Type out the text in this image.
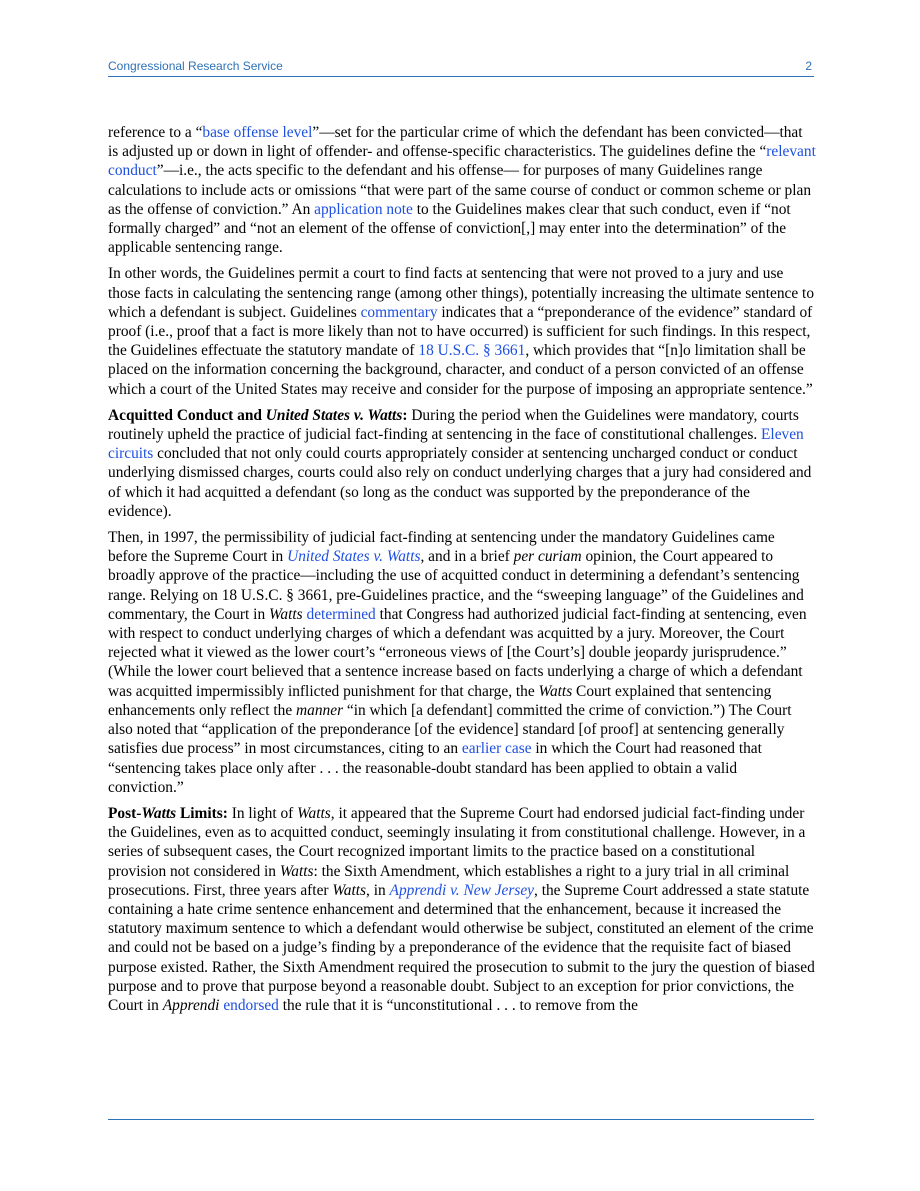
Congressional Research Service	2

reference to a “base offense level”—set for the particular crime of which the defendant has been convicted—that is adjusted up or down in light of offender- and offense-specific characteristics. The guidelines define the “relevant conduct”—i.e., the acts specific to the defendant and his offense— for purposes of many Guidelines range calculations to include acts or omissions “that were part of the same course of conduct or common scheme or plan as the offense of conviction.” An application note to the Guidelines makes clear that such conduct, even if “not formally charged” and “not an element of the offense of conviction[,] may enter into the determination” of the applicable sentencing range.

In other words, the Guidelines permit a court to find facts at sentencing that were not proved to a jury and use those facts in calculating the sentencing range (among other things), potentially increasing the ultimate sentence to which a defendant is subject. Guidelines commentary indicates that a “preponderance of the evidence” standard of proof (i.e., proof that a fact is more likely than not to have occurred) is sufficient for such findings. In this respect, the Guidelines effectuate the statutory mandate of 18 U.S.C. § 3661, which provides that “[n]o limitation shall be placed on the information concerning the background, character, and conduct of a person convicted of an offense which a court of the United States may receive and consider for the purpose of imposing an appropriate sentence.”

Acquitted Conduct and United States v. Watts: During the period when the Guidelines were mandatory, courts routinely upheld the practice of judicial fact-finding at sentencing in the face of constitutional challenges. Eleven circuits concluded that not only could courts appropriately consider at sentencing uncharged conduct or conduct underlying dismissed charges, courts could also rely on conduct underlying charges that a jury had considered and of which it had acquitted a defendant (so long as the conduct was supported by the preponderance of the evidence).

Then, in 1997, the permissibility of judicial fact-finding at sentencing under the mandatory Guidelines came before the Supreme Court in United States v. Watts, and in a brief per curiam opinion, the Court appeared to broadly approve of the practice—including the use of acquitted conduct in determining a defendant’s sentencing range. Relying on 18 U.S.C. § 3661, pre-Guidelines practice, and the “sweeping language” of the Guidelines and commentary, the Court in Watts determined that Congress had authorized judicial fact-finding at sentencing, even with respect to conduct underlying charges of which a defendant was acquitted by a jury. Moreover, the Court rejected what it viewed as the lower court’s “erroneous views of [the Court’s] double jeopardy jurisprudence.” (While the lower court believed that a sentence increase based on facts underlying a charge of which a defendant was acquitted impermissibly inflicted punishment for that charge, the Watts Court explained that sentencing enhancements only reflect the manner “in which [a defendant] committed the crime of conviction.”) The Court also noted that “application of the preponderance [of the evidence] standard [of proof] at sentencing generally satisfies due process” in most circumstances, citing to an earlier case in which the Court had reasoned that “sentencing takes place only after . . . the reasonable-doubt standard has been applied to obtain a valid conviction.”

Post-Watts Limits: In light of Watts, it appeared that the Supreme Court had endorsed judicial fact-finding under the Guidelines, even as to acquitted conduct, seemingly insulating it from constitutional challenge. However, in a series of subsequent cases, the Court recognized important limits to the practice based on a constitutional provision not considered in Watts: the Sixth Amendment, which establishes a right to a jury trial in all criminal prosecutions. First, three years after Watts, in Apprendi v. New Jersey, the Supreme Court addressed a state statute containing a hate crime sentence enhancement and determined that the enhancement, because it increased the statutory maximum sentence to which a defendant would otherwise be subject, constituted an element of the crime and could not be based on a judge’s finding by a preponderance of the evidence that the requisite fact of biased purpose existed. Rather, the Sixth Amendment required the prosecution to submit to the jury the question of biased purpose and to prove that purpose beyond a reasonable doubt. Subject to an exception for prior convictions, the Court in Apprendi endorsed the rule that it is “unconstitutional . . . to remove from the
